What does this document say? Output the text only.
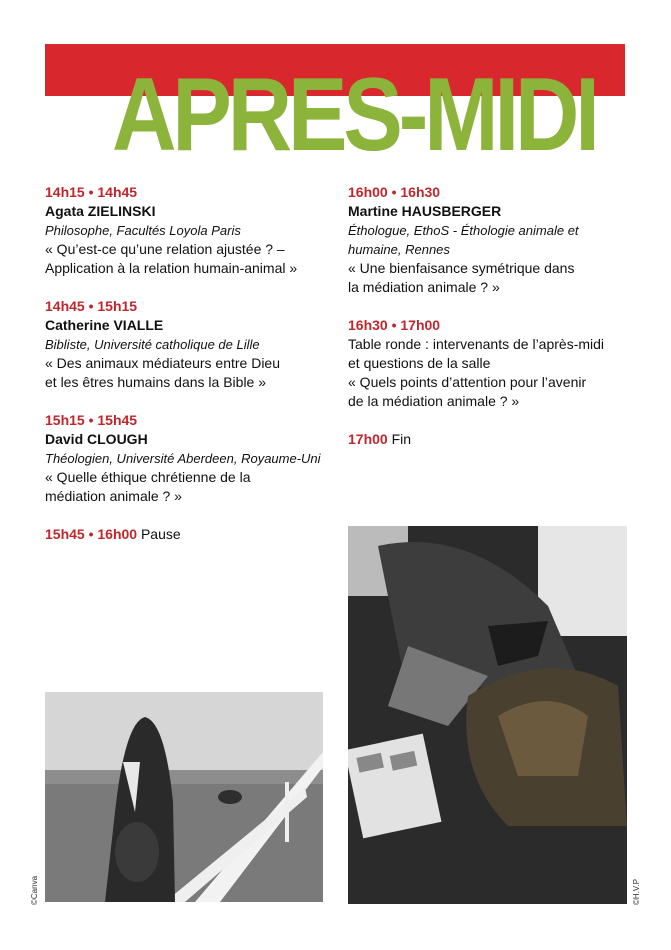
APRES-MIDI
14h15 • 14h45
Agata ZIELINSKI
Philosophe, Facultés Loyola Paris
« Qu’est-ce qu’une relation ajustée ? –
Application à la relation humain-animal »
14h45 • 15h15
Catherine VIALLE
Bibliste, Université catholique de Lille
« Des animaux médiateurs entre Dieu
et les êtres humains dans la Bible »
15h15 • 15h45
David CLOUGH
Théologien, Université Aberdeen, Royaume-Uni
« Quelle éthique chrétienne de la
médiation animale ? »
15h45 • 16h00 Pause
16h00 • 16h30
Martine HAUSBERGER
Éthologue, EthoS - Éthologie animale et
humaine, Rennes
« Une bienfaisance symétrique dans
la médiation animale ? »
16h30 • 17h00
Table ronde : intervenants de l’après-midi
et questions de la salle
« Quels points d’attention pour l’avenir
de la médiation animale ? »
17h00 Fin
©Canva	©H.V.P
